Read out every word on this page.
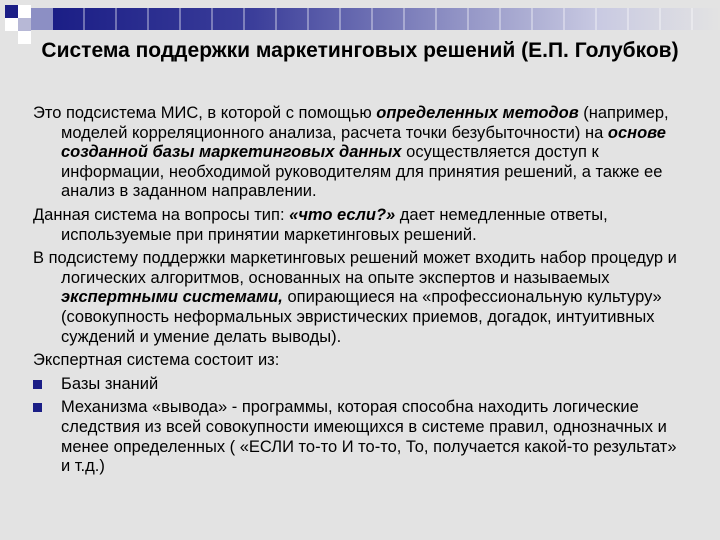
Система поддержки маркетинговых решений (Е.П. Голубков)

Это подсистема МИС, в которой с помощью определенных методов (например, моделей корреляционного анализа, расчета точки безубыточности) на основе созданной базы маркетинговых данных осуществляется доступ к информации, необходимой руководителям для принятия решений, а также ее анализ в заданном направлении.

Данная система на вопросы тип: «что если?» дает немедленные ответы, используемые при принятии маркетинговых решений.

В подсистему поддержки маркетинговых решений может входить набор процедур и логических алгоритмов, основанных на опыте экспертов и называемых экспертными системами, опирающиеся на «профессиональную культуру» (совокупность неформальных эвристических приемов, догадок, интуитивных суждений и умение делать выводы).

Экспертная система состоит из:

Базы знаний
Механизма «вывода» - программы, которая способна находить логические следствия из всей совокупности имеющихся в системе правил, однозначных и менее определенных ( «ЕСЛИ то-то И то-то, То, получается какой-то результат» и т.д.)
